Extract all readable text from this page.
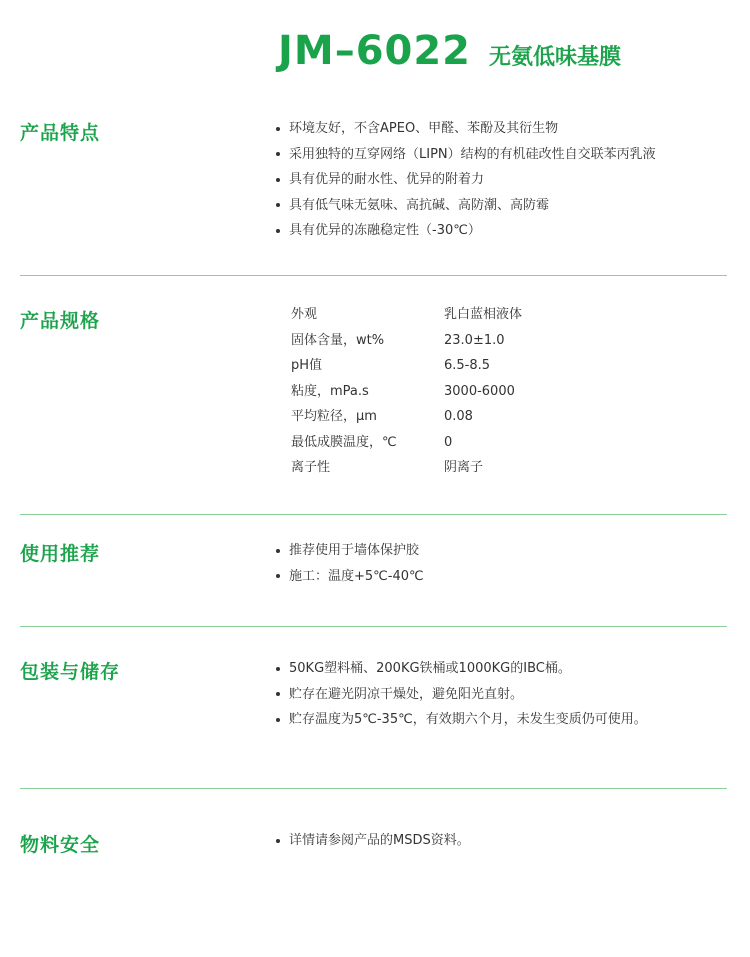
JM–6022 无氨低味基膜
产品特点	环境友好，不含APEO、甲醛、苯酚及其衍生物
采用独特的互穿网络（LIPN）结构的有机硅改性自交联苯丙乳液
具有优异的耐水性、优异的附着力
具有低气味无氨味、高抗碱、高防潮、高防霉
具有优异的冻融稳定性（-30℃）
产品规格	外观	乳白蓝相液体
固体含量，wt%	23.0±1.0
pH值	6.5-8.5
粘度，mPa.s	3000-6000
平均粒径，μm	0.08
最低成膜温度，℃	0
离子性	阴离子
使用推荐	推荐使用于墙体保护胶
施工：温度+5℃-40℃
包装与储存	50KG塑料桶、200KG铁桶或1000KG的IBC桶。
贮存在避光阴凉干燥处，避免阳光直射。
贮存温度为5℃-35℃，有效期六个月，未发生变质仍可使用。
物料安全	详情请参阅产品的MSDS资料。
